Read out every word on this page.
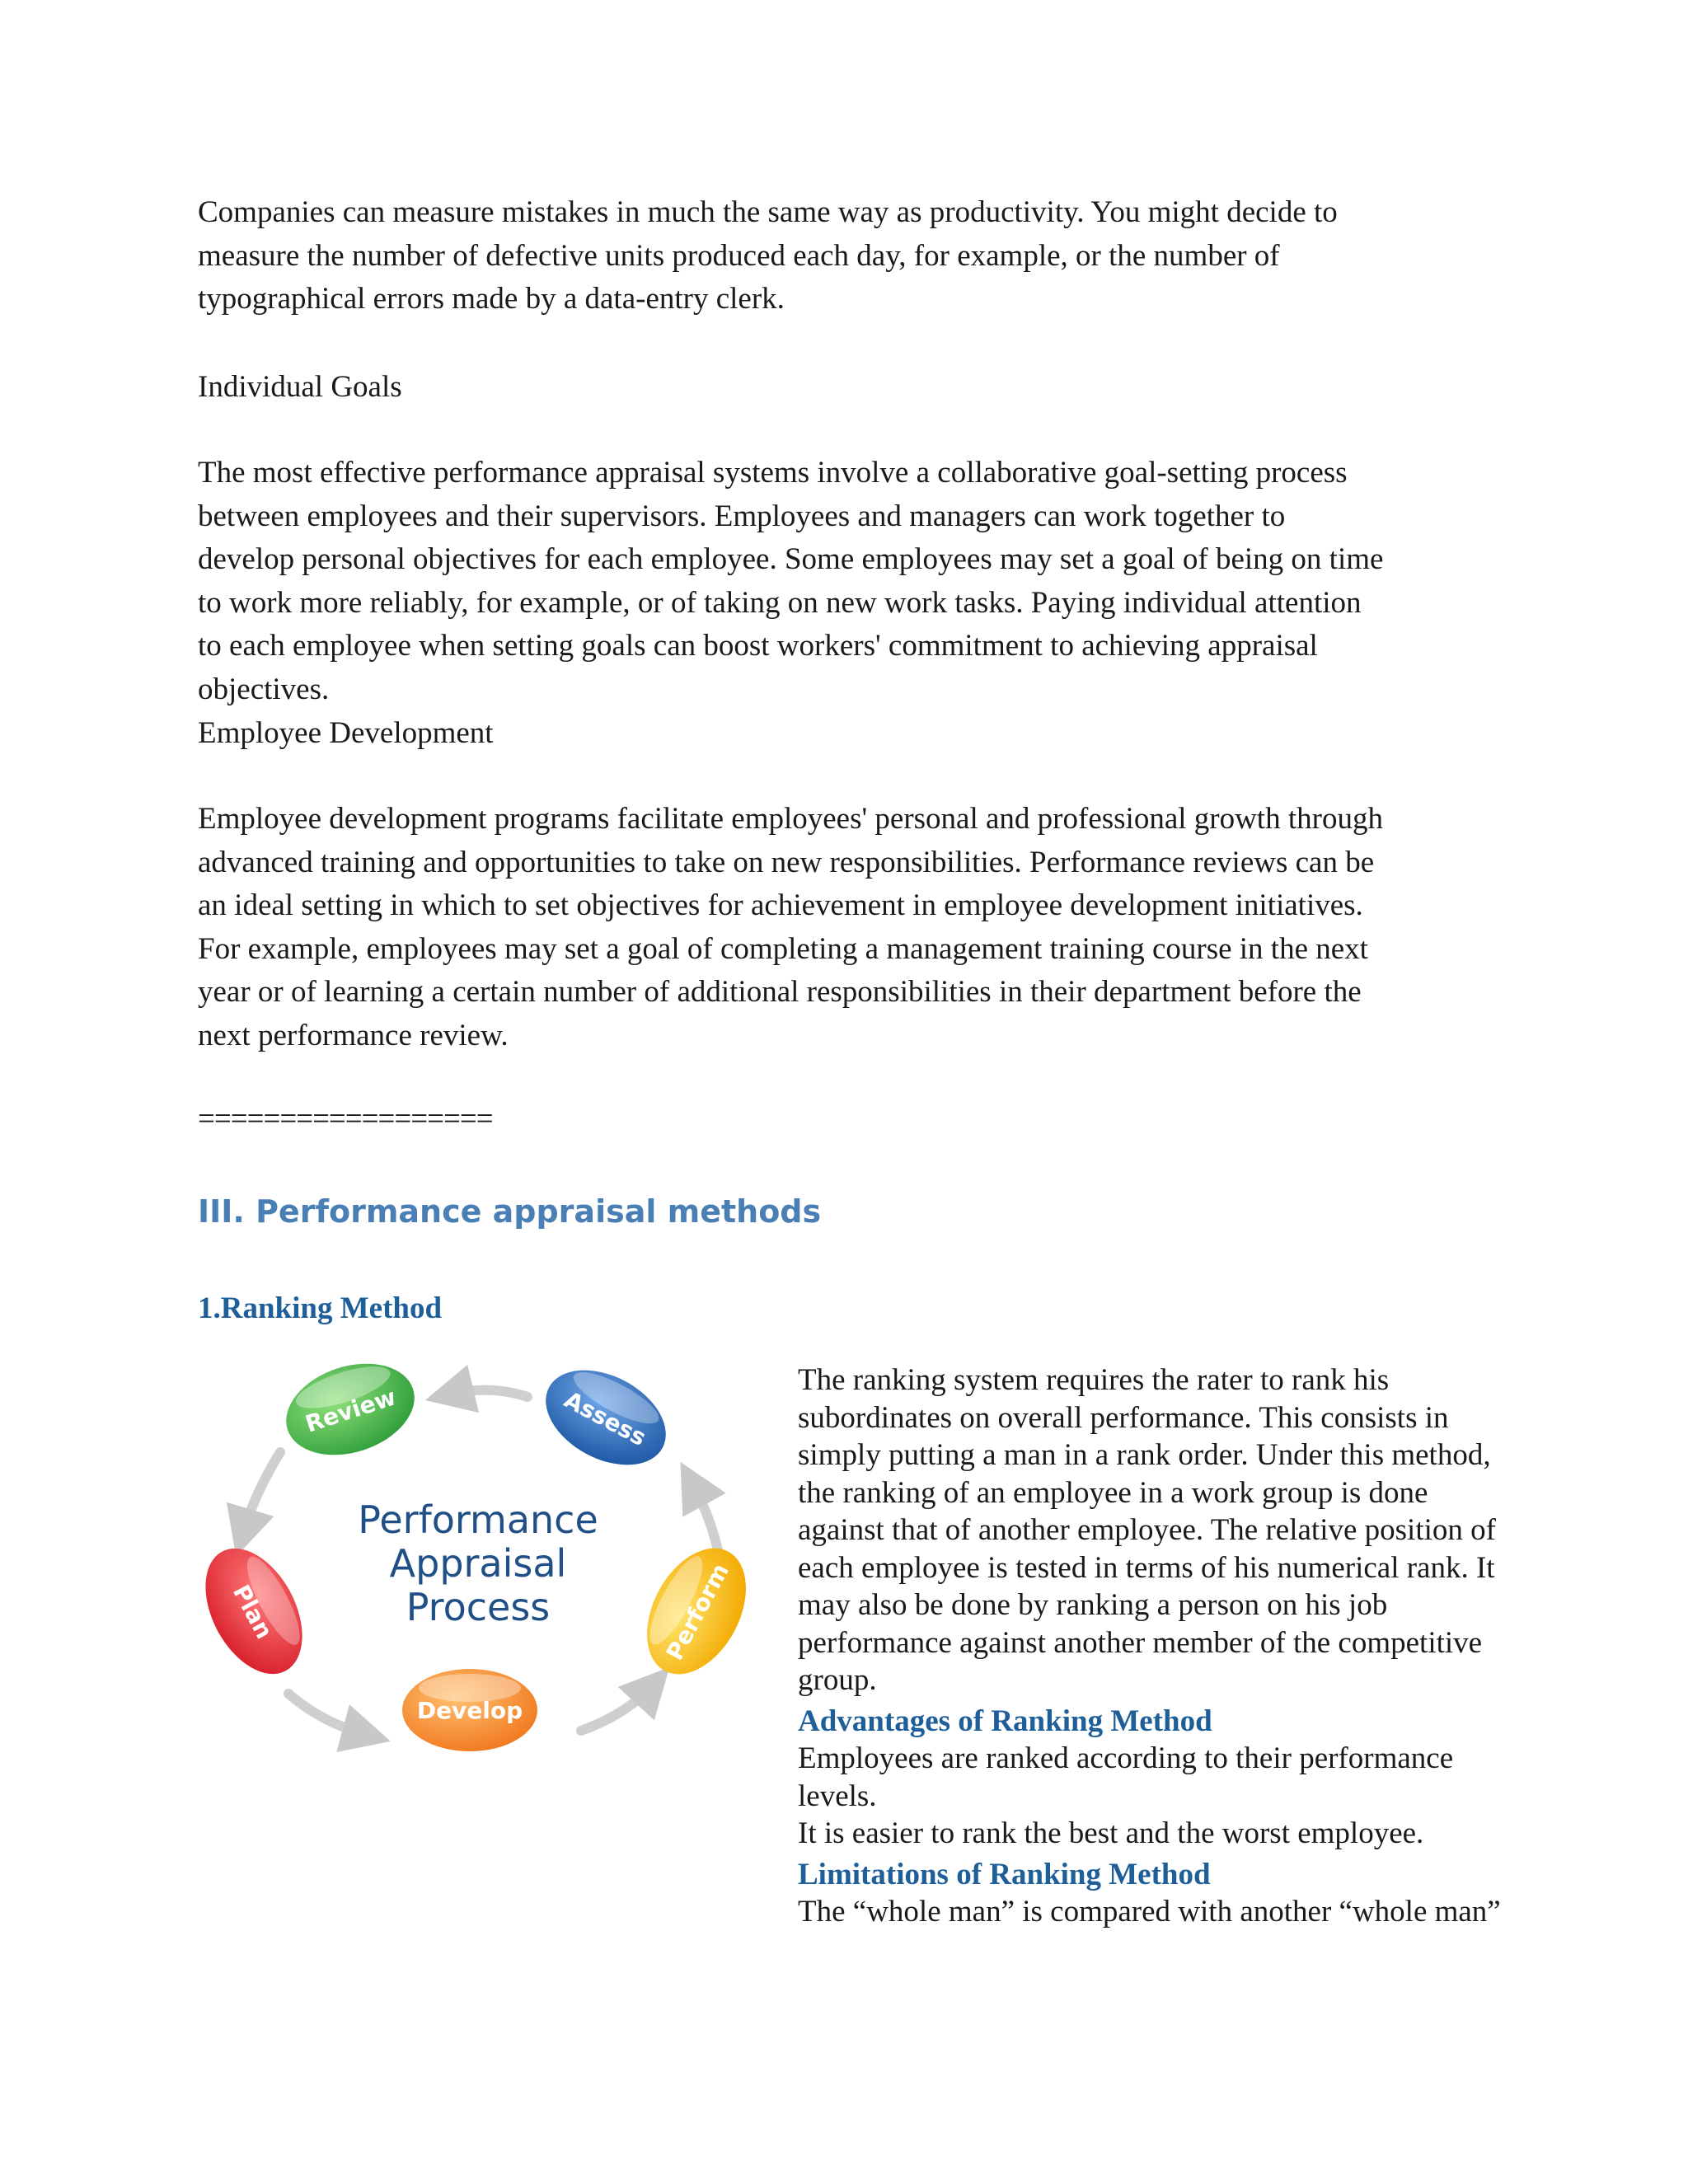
Companies can measure mistakes in much the same way as productivity. You might decide to
measure the number of defective units produced each day, for example, or the number of
typographical errors made by a data-entry clerk.

Individual Goals

The most effective performance appraisal systems involve a collaborative goal-setting process
between employees and their supervisors. Employees and managers can work together to
develop personal objectives for each employee. Some employees may set a goal of being on time
to work more reliably, for example, or of taking on new work tasks. Paying individual attention
to each employee when setting goals can boost workers' commitment to achieving appraisal
objectives.

Employee Development

Employee development programs facilitate employees' personal and professional growth through
advanced training and opportunities to take on new responsibilities. Performance reviews can be
an ideal setting in which to set objectives for achievement in employee development initiatives.
For example, employees may set a goal of completing a management training course in the next
year or of learning a certain number of additional responsibilities in their department before the
next performance review.

==================

III. Performance appraisal methods
1.Ranking Method
Review	Assess
Perform
Develop
Plan
Performance
Appraisal
Process
The ranking system requires the rater to rank his
subordinates on overall performance. This consists in
simply putting a man in a rank order. Under this method,
the ranking of an employee in a work group is done
against that of another employee. The relative position of
each employee is tested in terms of his numerical rank. It
may also be done by ranking a person on his job
performance against another member of the competitive
group.
Advantages of Ranking Method
Employees are ranked according to their performance
levels.
It is easier to rank the best and the worst employee.
Limitations of Ranking Method
The “whole man” is compared with another “whole man”
